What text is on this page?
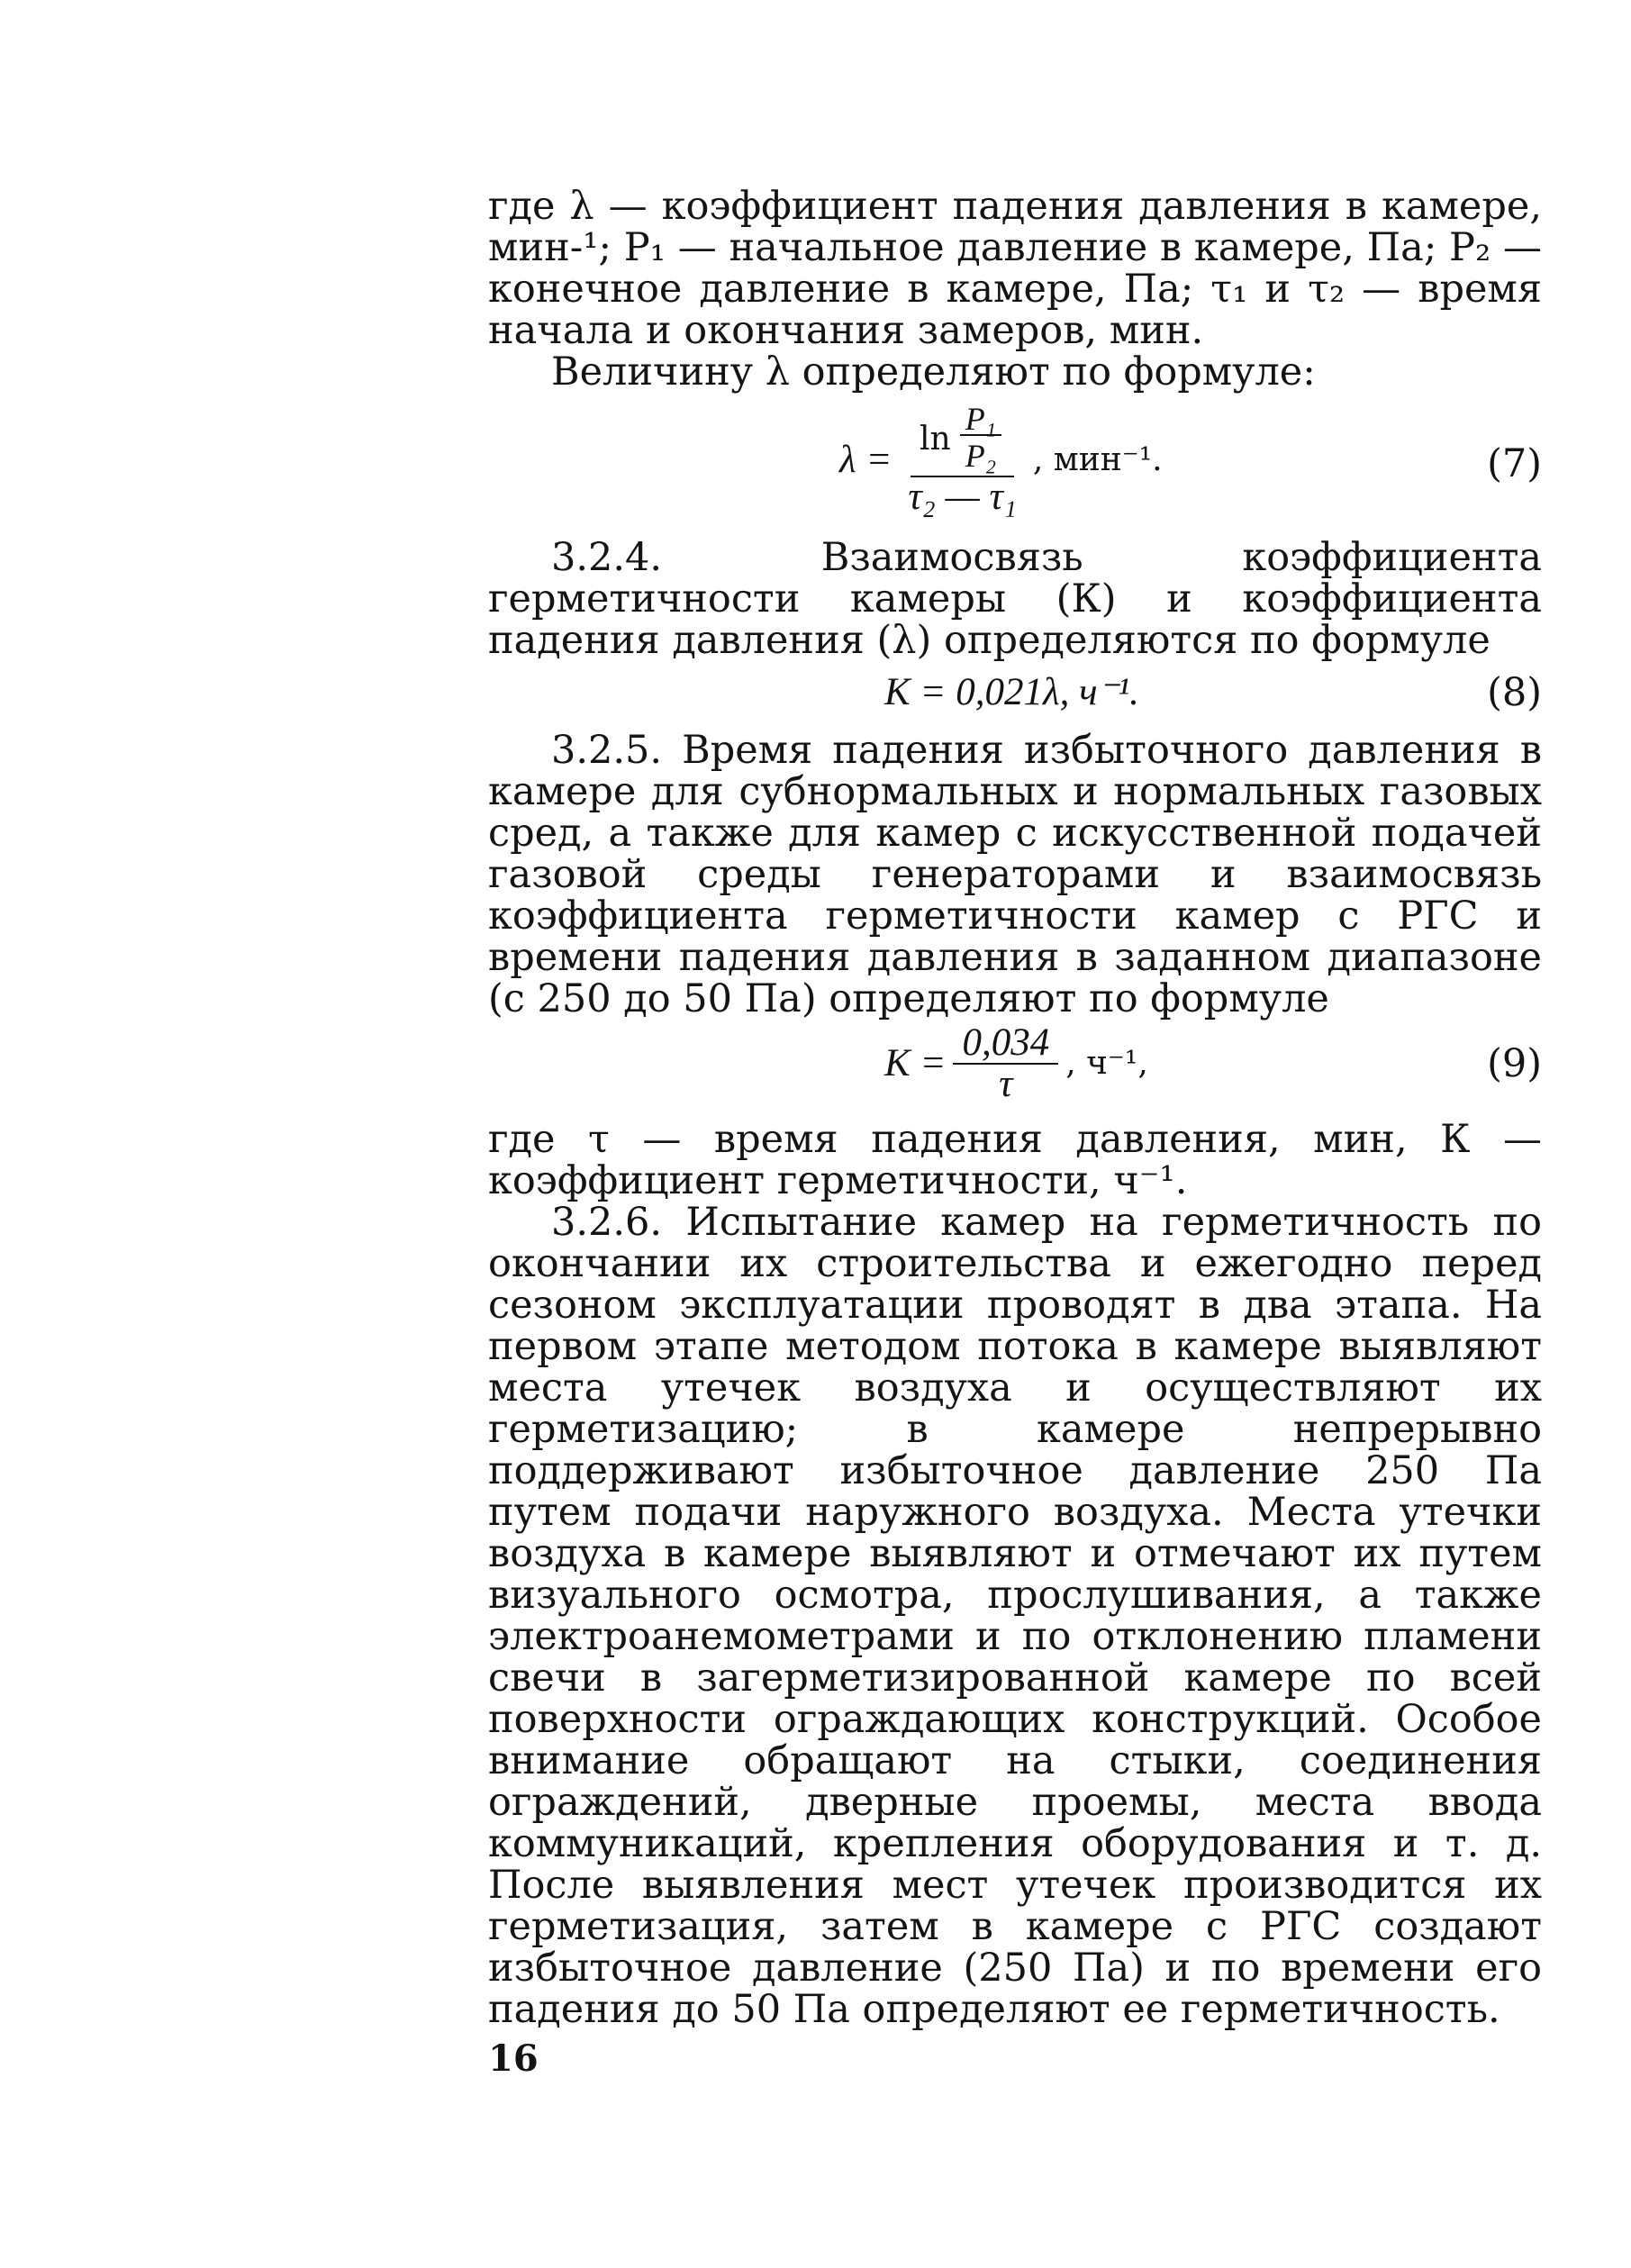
где λ — коэффициент падения давления в камере, мин-¹; P₁ — начальное давление в камере, Па; P₂ — конечное давление в камере, Па; τ₁ и τ₂ — время начала и окончания замеров, мин.

Величину λ определяют по формуле:

$\lambda = \frac{\ln \frac{\text{P₁}}{\text{P₂}}}{\text{τ₂ — τ₁}}$ , мин⁻¹.	(7)

3.2.4. Взаимосвязь коэффициента герметичности камеры (К) и коэффициента падения давления (λ) определяются по формуле

K = 0,021λ, ч⁻¹.	(8)

3.2.5. Время падения избыточного давления в камере для субнормальных и нормальных газовых сред, а также для камер с искусственной подачей газовой среды генераторами и взаимосвязь коэффициента герметичности камер с РГС и времени падения давления в заданном диапазоне (с 250 до 50 Па) определяют по формуле

$K = \frac{0,034}{\tau}$ , ч⁻¹,	(9)

где τ — время падения давления, мин, К — коэффициент герметичности, ч⁻¹.

3.2.6. Испытание камер на герметичность по окончании их строительства и ежегодно перед сезоном эксплуатации проводят в два этапа. На первом этапе методом потока в камере выявляют места утечек воздуха и осуществляют их герметизацию; в камере непрерывно поддерживают избыточное давление 250 Па путем подачи наружного воздуха. Места утечки воздуха в камере выявляют и отмечают их путем визуального осмотра, прослушивания, а также электроанемометрами и по отклонению пламени свечи в загерметизированной камере по всей поверхности ограждающих конструкций. Особое внимание обращают на стыки, соединения ограждений, дверные проемы, места ввода коммуникаций, крепления оборудования и т. д. После выявления мест утечек производится их герметизация, затем в камере с РГС создают избыточное давление (250 Па) и по времени его падения до 50 Па определяют ее герметичность.

16
